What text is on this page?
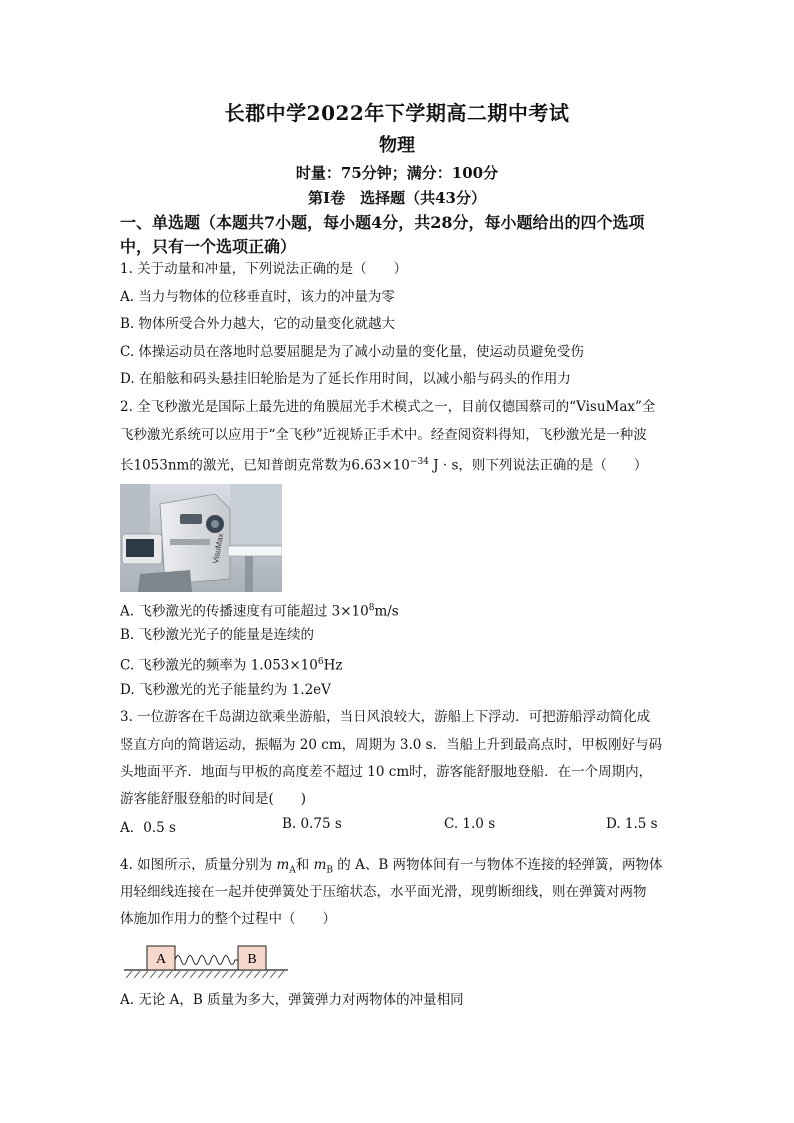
长郡中学2022年下学期高二期中考试
物理
时量：75分钟；满分：100分
第Ⅰ卷　选择题（共43分）
一、单选题（本题共7小题，每小题4分，共28分，每小题给出的四个选项
中，只有一个选项正确）
1. 关于动量和冲量，下列说法正确的是（　　）
A. 当力与物体的位移垂直时，该力的冲量为零
B. 物体所受合外力越大，它的动量变化就越大
C. 体操运动员在落地时总要屈腿是为了减小动量的变化量，使运动员避免受伤
D. 在船舷和码头悬挂旧轮胎是为了延长作用时间，以减小船与码头的作用力
2. 全飞秒激光是国际上最先进的角膜屈光手术模式之一，目前仅德国蔡司的“VisuMax”全
飞秒激光系统可以应用于“全飞秒”近视矫正手术中。经查阅资料得知，飞秒激光是一种波
长1053nm的激光，已知普朗克常数为$6.63\times 10^{-34}$ J · s，则下列说法正确的是（　　）
VisuMax
A. 飞秒激光的传播速度有可能超过 $3\times 10^8m/s$
B. 飞秒激光光子的能量是连续的
C. 飞秒激光的频率为 $1.053\times 10^6Hz$
D. 飞秒激光的光子能量约为 1.2eV
3. 一位游客在千岛湖边欲乘坐游船，当日风浪较大，游船上下浮动．可把游船浮动简化成
竖直方向的简谐运动，振幅为 20 cm，周期为 3.0 s．当船上升到最高点时，甲板刚好与码
头地面平齐．地面与甲板的高度差不超过 10 cm时，游客能舒服地登船．在一个周期内，
游客能舒服登船的时间是(　　)
A．0.5 s	B. 0.75 s	C. 1.0 s	D. 1.5 s
4. 如图所示，质量分别为 $m_A$和 $m_B$ 的 A、B 两物体间有一与物体不连接的轻弹簧，两物体
用轻细线连接在一起并使弹簧处于压缩状态，水平面光滑，现剪断细线，则在弹簧对两物
体施加作用力的整个过程中（　　）
A	B
A. 无论 A，B 质量为多大，弹簧弹力对两物体的冲量相同
